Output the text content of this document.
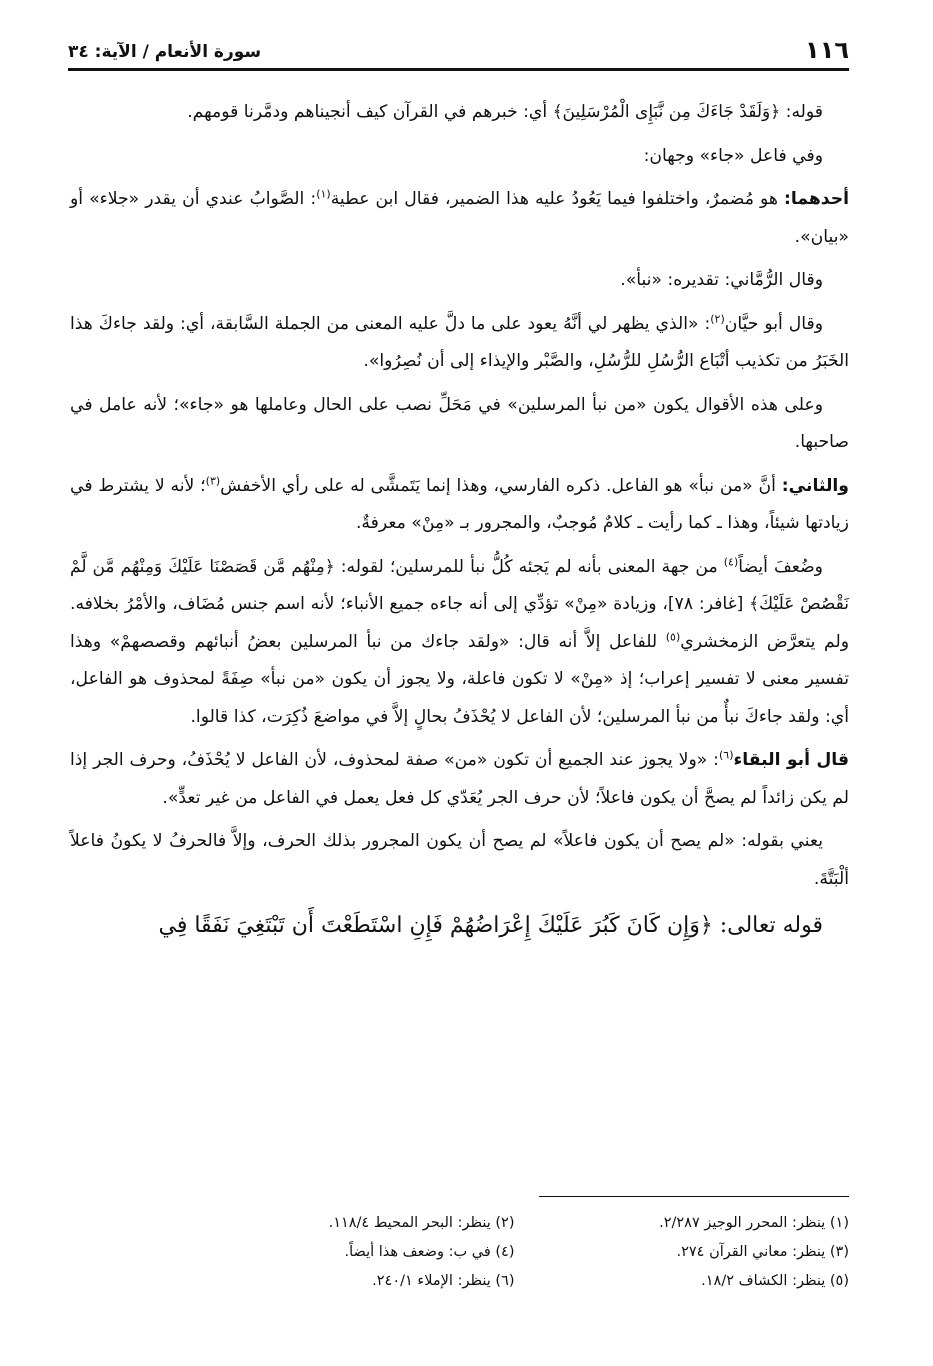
١١٦
سورة الأنعام / الآية: ٣٤

قوله: ﴿وَلَقَدْ جَاءَكَ مِن نَّبَإِى الْمُرْسَلِينَ﴾ أي: خبرهم في القرآن كيف أنجيناهم ودمَّرنا قومهم.

وفي فاعل «جاء» وجهان:

أحدهما: هو مُضمرٌ، واختلفوا فيما يَعُودُ عليه هذا الضمير، فقال ابن عطية$^{(١)}$: الصَّوابُ عندي أن يقدر «جلاء» أو «بيان».

وقال الرُّمَّاني: تقديره: «نبأ».

وقال أبو حيَّان$^{(٢)}$: «الذي يظهر لي أنَّهُ يعود على ما دلَّ عليه المعنى من الجملة السَّابقة، أي: ولقد جاءكَ هذا الخَبَرُ من تكذيب أتْبَاع الرُّسُلِ للرُّسُلِ، والصَّبْر والإيذاء إلى أن نُصِرُوا».

وعلى هذه الأقوال يكون «من نبأ المرسلين» في مَحَلِّ نصب على الحال وعاملها هو «جاء»؛ لأنه عامل في صاحبها.

والثاني: أنَّ «من نبأ» هو الفاعل. ذكره الفارسي، وهذا إنما يَتَمشَّى له على رأي الأخفش$^{(٣)}$؛ لأنه لا يشترط في زيادتها شيئاً، وهذا ـ كما رأيت ـ كلامٌ مُوجبٌ، والمجرور بـ «مِنْ» معرفةٌ.

وضُعفَ أيضاً$^{(٤)}$ من جهة المعنى بأنه لم يَجئه كُلُّ نبأ للمرسلين؛ لقوله: ﴿مِنْهُم مَّن قَصَصْنَا عَلَيْكَ وَمِنْهُم مَّن لَّمْ نَقْصُصْ عَلَيْكَ﴾ [غافر: ٧٨]، وزيادة «مِنْ» تؤدِّي إلى أنه جاءه جميع الأنباء؛ لأنه اسم جنس مُضَاف، والأمْرُ بخلافه. ولم يتعرَّض الزمخشري$^{(٥)}$ للفاعل إلاَّ أنه قال: «ولقد جاءك من نبأ المرسلين بعضُ أنبائهم وقصصهمْ» وهذا تفسير معنى لا تفسير إعراب؛ إذ «مِنْ» لا تكون فاعلة، ولا يجوز أن يكون «من نبأ» صِفَةً لمحذوف هو الفاعل، أي: ولقد جاءكَ نبأٌ من نبأ المرسلين؛ لأن الفاعل لا يُحْذَفُ بحالٍ إلاَّ في مواضعَ ذُكِرَت، كذا قالوا.

قال أبو البقاء$^{(٦)}$: «ولا يجوز عند الجميع أن تكون «من» صفة لمحذوف، لأن الفاعل لا يُحْذَفُ، وحرف الجر إذا لم يكن زائداً لم يصحَّ أن يكون فاعلاً؛ لأن حرف الجر يُعَدّي كل فعل يعمل في الفاعل من غير تعدٍّ».

يعني بقوله: «لم يصح أن يكون فاعلاً» لم يصح أن يكون المجرور بذلك الحرف، وإلاَّ فالحرفُ لا يكونُ فاعلاً ألْبَتَّةَ.

قوله تعالى: ﴿وَإِن كَانَ كَبُرَ عَلَيْكَ إِعْرَاضُهُمْ فَإِنِ اسْتَطَعْتَ أَن تَبْتَغِيَ نَفَقًا فِي
(١) ينظر: المحرر الوجيز ٢/٢٨٧.
(٢) ينظر: البحر المحيط ١١٨/٤.
(٣) ينظر: معاني القرآن ٢٧٤.
(٤) في ب: وضعف هذا أيضاً.
(٥) ينظر: الكشاف ١٨/٢.
(٦) ينظر: الإملاء ٢٤٠/١.
